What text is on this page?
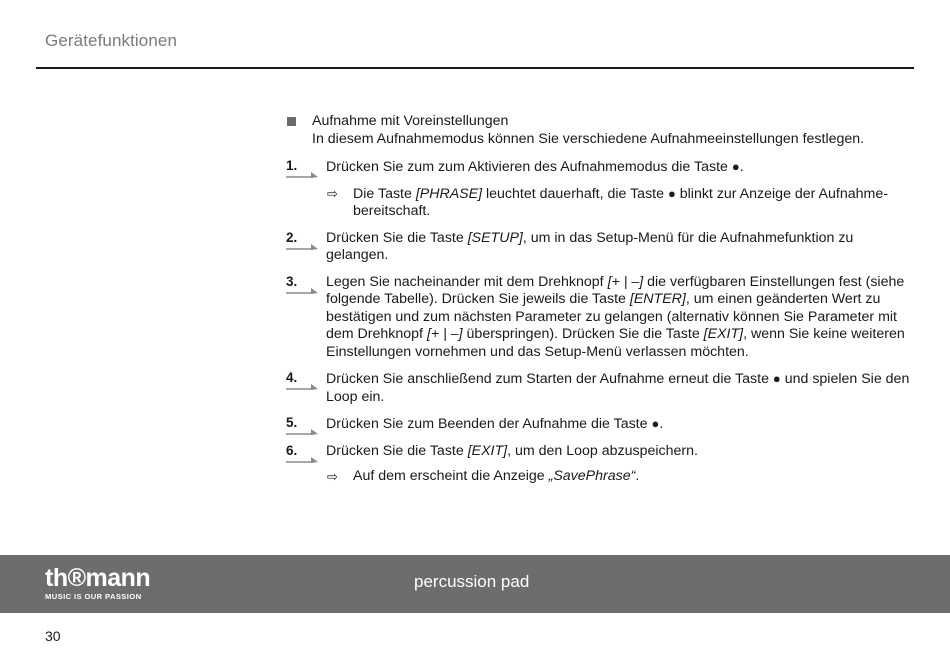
Gerätefunktionen
Aufnahme mit Voreinstellungen
In diesem Aufnahmemodus können Sie verschiedene Aufnahmeeinstellungen festlegen.
1.	Drücken Sie zum zum Aktivieren des Aufnahmemodus die Taste ●.
⇨ Die Taste [PHRASE] leuchtet dauerhaft, die Taste ● blinkt zur Anzeige der Aufnahmebereitschaft.
2.	Drücken Sie die Taste [SETUP], um in das Setup-Menü für die Aufnahmefunktion zu gelangen.
3.	Legen Sie nacheinander mit dem Drehknopf [+ | –] die verfügbaren Einstellungen fest (siehe folgende Tabelle). Drücken Sie jeweils die Taste [ENTER], um einen geänderten Wert zu bestätigen und zum nächsten Parameter zu gelangen (alternativ können Sie Parameter mit dem Drehknopf [+ | –] überspringen). Drücken Sie die Taste [EXIT], wenn Sie keine weiteren Einstellungen vornehmen und das Setup-Menü verlassen möchten.
4.	Drücken Sie anschließend zum Starten der Aufnahme erneut die Taste ● und spielen Sie den Loop ein.
5.	Drücken Sie zum Beenden der Aufnahme die Taste ●.
6.	Drücken Sie die Taste [EXIT], um den Loop abzuspeichern.
⇨ Auf dem erscheint die Anzeige „SavePhrase“.
th®mann
MUSIC IS OUR PASSION
percussion pad
30
